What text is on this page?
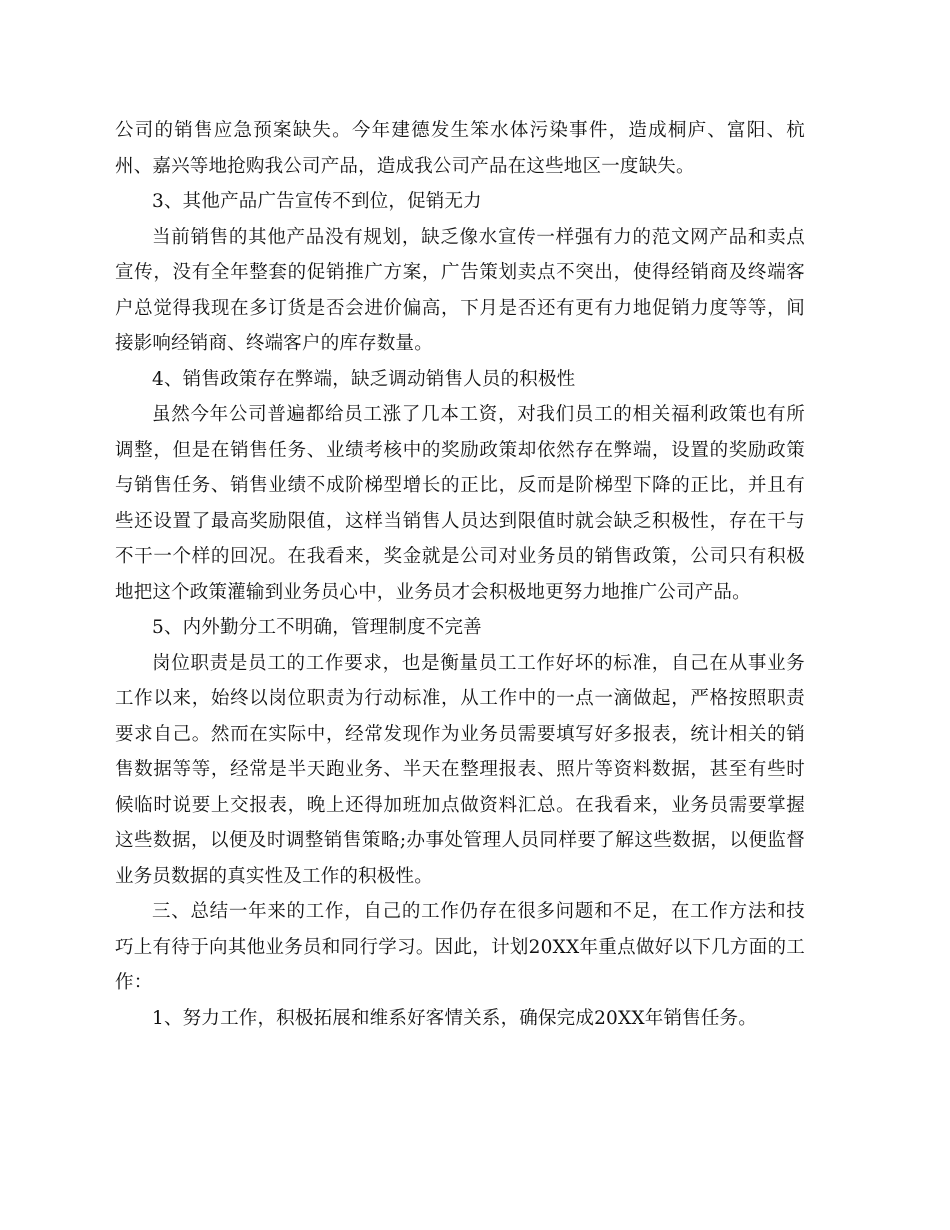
公司的销售应急预案缺失。今年建德发生笨水体污染事件，造成桐庐、富阳、杭州、嘉兴等地抢购我公司产品，造成我公司产品在这些地区一度缺失。

3、其他产品广告宣传不到位，促销无力

当前销售的其他产品没有规划，缺乏像水宣传一样强有力的范文网产品和卖点宣传，没有全年整套的促销推广方案，广告策划卖点不突出，使得经销商及终端客户总觉得我现在多订货是否会进价偏高，下月是否还有更有力地促销力度等等，间接影响经销商、终端客户的库存数量。

4、销售政策存在弊端，缺乏调动销售人员的积极性

虽然今年公司普遍都给员工涨了几本工资，对我们员工的相关福利政策也有所调整，但是在销售任务、业绩考核中的奖励政策却依然存在弊端，设置的奖励政策与销售任务、销售业绩不成阶梯型增长的正比，反而是阶梯型下降的正比，并且有些还设置了最高奖励限值，这样当销售人员达到限值时就会缺乏积极性，存在干与不干一个样的回况。在我看来，奖金就是公司对业务员的销售政策，公司只有积极地把这个政策灌输到业务员心中，业务员才会积极地更努力地推广公司产品。

5、内外勤分工不明确，管理制度不完善

岗位职责是员工的工作要求，也是衡量员工工作好坏的标准，自己在从事业务工作以来，始终以岗位职责为行动标准，从工作中的一点一滴做起，严格按照职责要求自己。然而在实际中，经常发现作为业务员需要填写好多报表，统计相关的销售数据等等，经常是半天跑业务、半天在整理报表、照片等资料数据，甚至有些时候临时说要上交报表，晚上还得加班加点做资料汇总。在我看来，业务员需要掌握这些数据，以便及时调整销售策略;办事处管理人员同样要了解这些数据，以便监督业务员数据的真实性及工作的积极性。

三、总结一年来的工作，自己的工作仍存在很多问题和不足，在工作方法和技巧上有待于向其他业务员和同行学习。因此，计划20XX年重点做好以下几方面的工作：

1、努力工作，积极拓展和维系好客情关系，确保完成20XX年销售任务。
